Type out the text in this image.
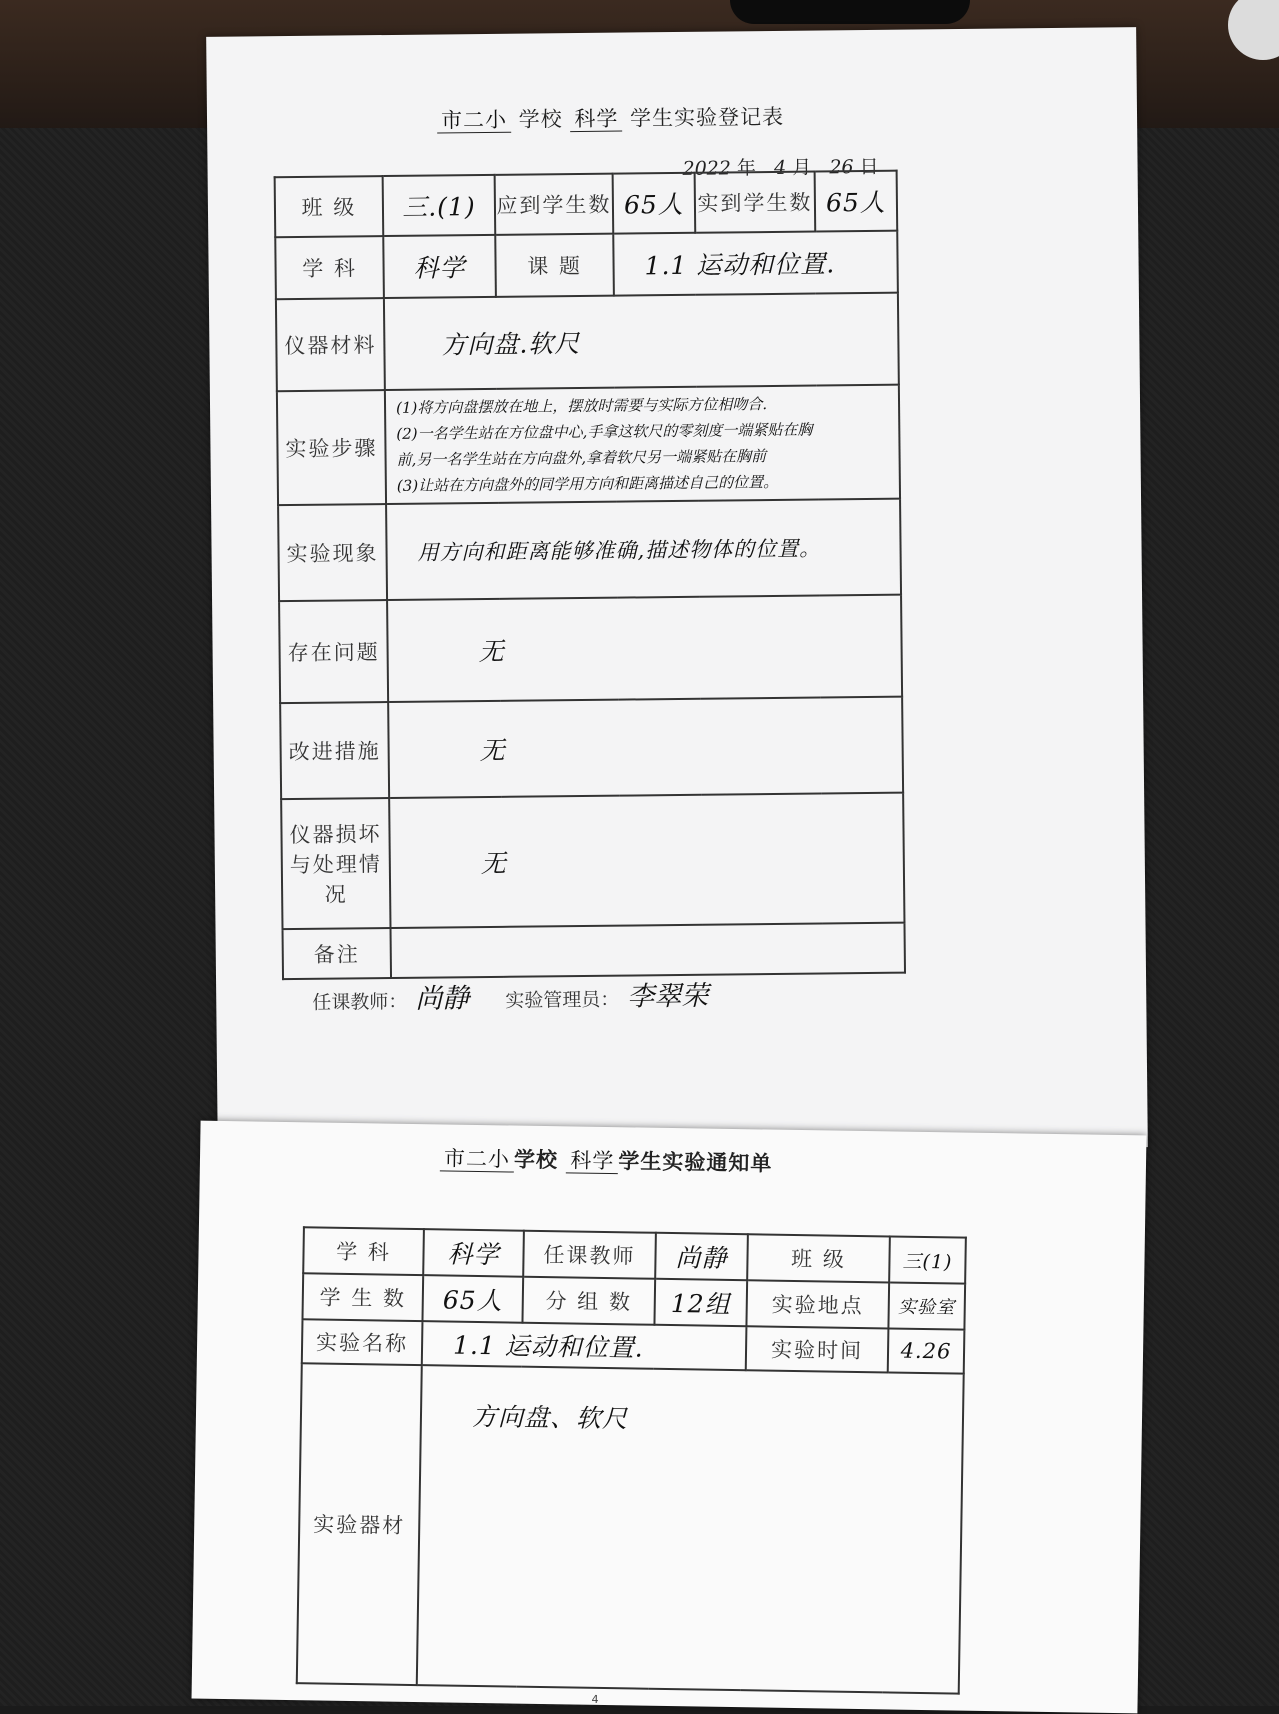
市二小 学校 科学 学生实验登记表
2022 年 4 月 26 日
班 级	三.(1)	应到学生数	65人	实到学生数	65人
学 科	科学	课 题	1.1 运动和位置.		
仪器材料	方向盘.软尺				
实验步骤	(1)将方向盘摆放在地上，摆放时需要与实际方位相吻合.
(2)一名学生站在方位盘中心,手拿这软尺的零刻度一端紧贴在胸
前,另一名学生站在方向盘外,拿着软尺另一端紧贴在胸前
(3)让站在方向盘外的同学用方向和距离描述自己的位置。				

实验现象	用方向和距离能够准确,描述物体的位置。				
存在问题	无				
改进措施	无				
仪器损坏与处理情况	无				
备注					
任课教师： 尚静 实验管理员： 李翠荣
市二小 学校 科学 学生实验通知单
学 科	科学	任课教师	尚静	班 级	三(1)
学 生 数	65人	分 组 数	12组	实验地点	实验室
实验名称	1.1 运动和位置.			实验时间	4.26
实验器材	方向盘、软尺				
4
